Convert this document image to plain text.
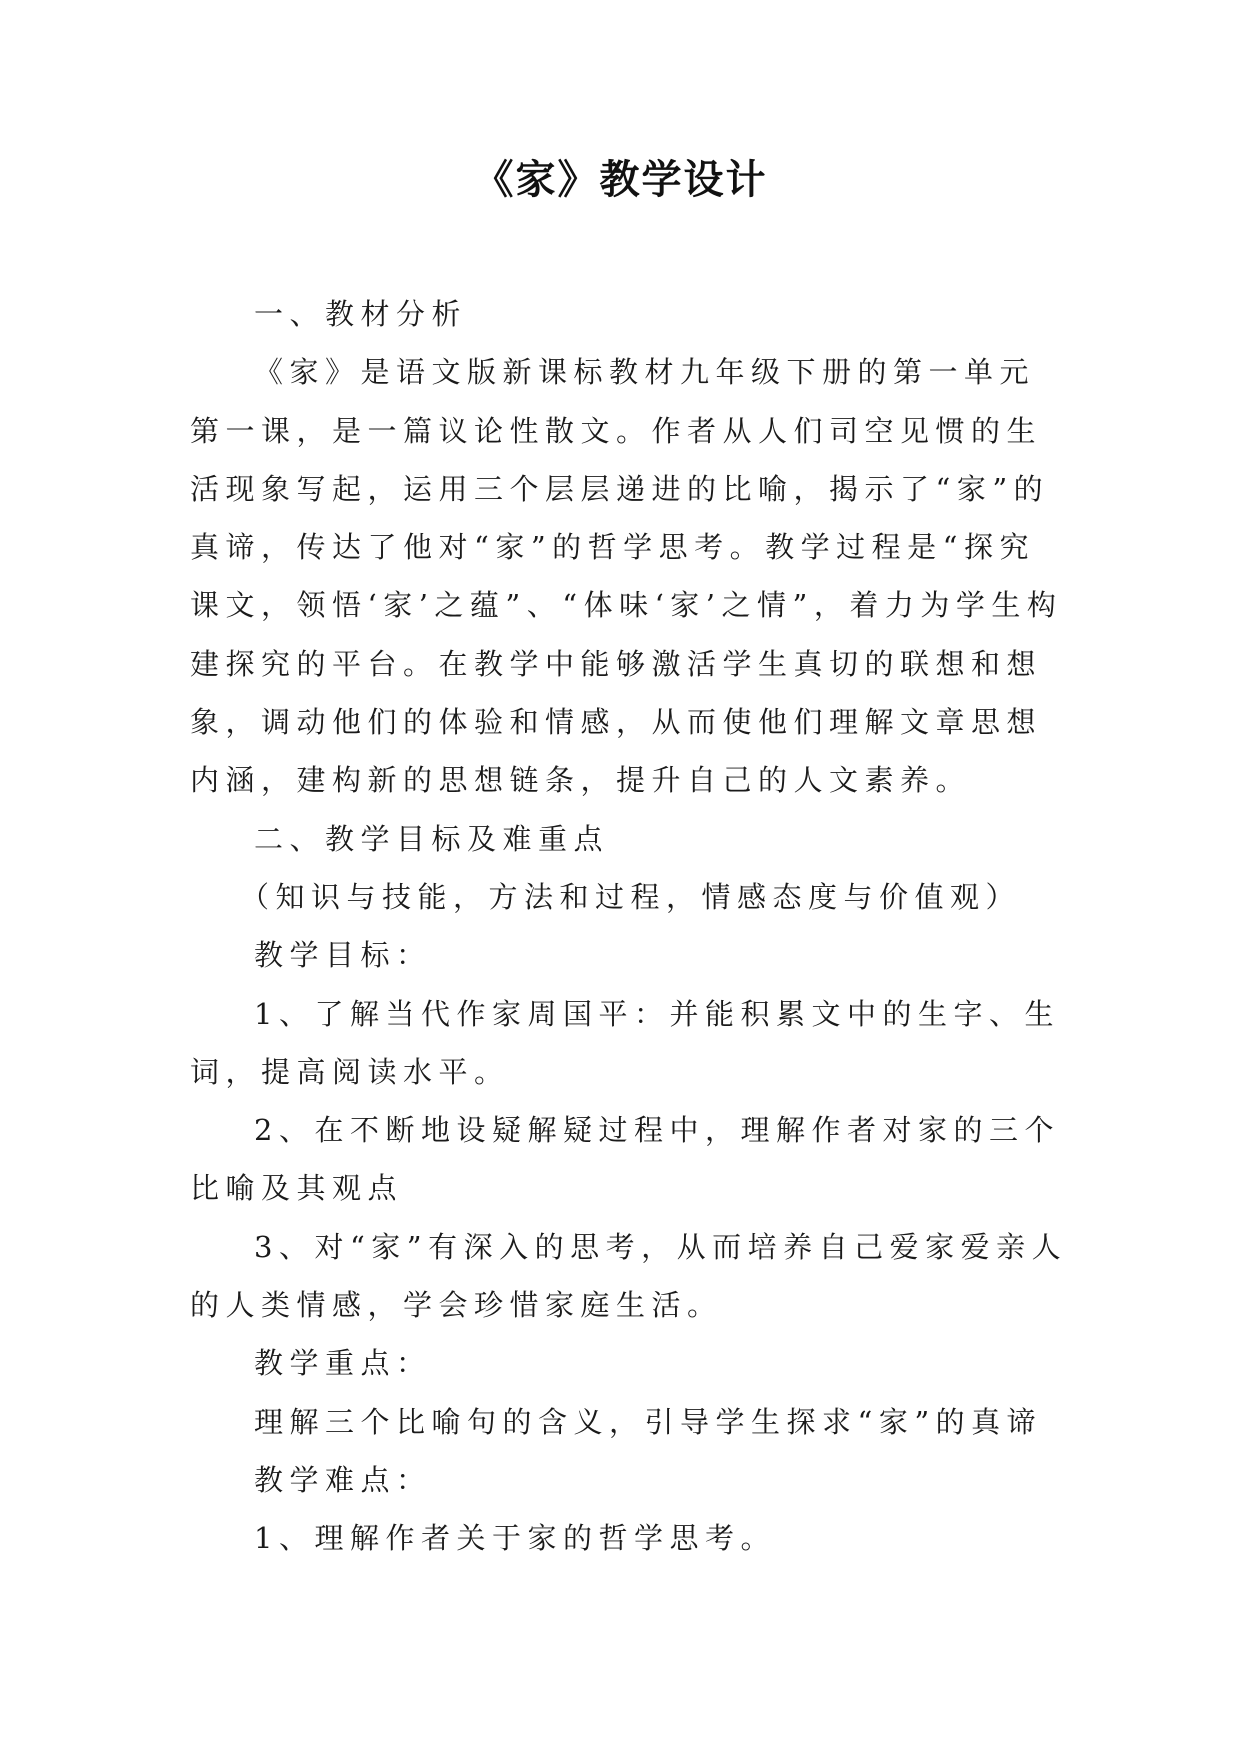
《家》教学设计

一、教材分析

《家》是语文版新课标教材九年级下册的第一单元第一课，是一篇议论性散文。作者从人们司空见惯的生活现象写起，运用三个层层递进的比喻，揭示了“家”的真谛，传达了他对“家”的哲学思考。教学过程是“探究课文，领悟‘家’之蕴”、“体味‘家’之情”，着力为学生构建探究的平台。在教学中能够激活学生真切的联想和想象，调动他们的体验和情感，从而使他们理解文章思想内涵，建构新的思想链条，提升自己的人文素养。

二、教学目标及难重点

（知识与技能，方法和过程，情感态度与价值观）

教学目标：

1、了解当代作家周国平：并能积累文中的生字、生词，提高阅读水平。

2、在不断地设疑解疑过程中，理解作者对家的三个比喻及其观点

3、对“家”有深入的思考，从而培养自己爱家爱亲人的人类情感，学会珍惜家庭生活。

教学重点：

理解三个比喻句的含义，引导学生探求“家”的真谛

教学难点：

1、理解作者关于家的哲学思考。
